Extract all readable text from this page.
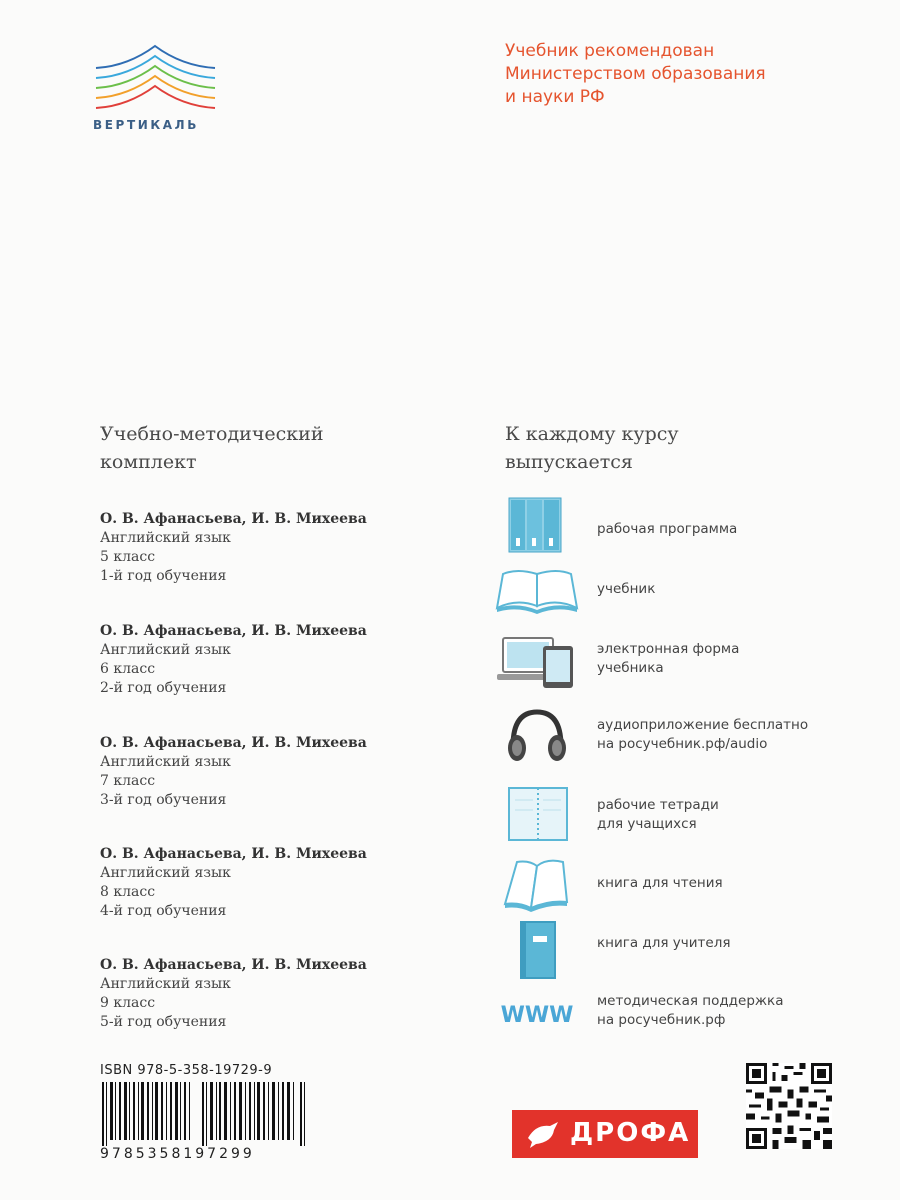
ВЕРТИКАЛЬ
Учебник рекомендован
Министерством образования
и науки РФ
Учебно-методический
комплект
О. В. Афанасьева, И. В. Михеева
Английский язык
5 класс
1-й год обучения
О. В. Афанасьева, И. В. Михеева
Английский язык
6 класс
2-й год обучения
О. В. Афанасьева, И. В. Михеева
Английский язык
7 класс
3-й год обучения
О. В. Афанасьева, И. В. Михеева
Английский язык
8 класс
4-й год обучения
О. В. Афанасьева, И. В. Михеева
Английский язык
9 класс
5-й год обучения
К каждому курсу
выпускается
рабочая программа
учебник
электронная форма
учебника
аудиоприложение бесплатно
на росучебник.рф/audio
рабочие тетради
для учащихся
книга для чтения
книга для учителя
WWW
методическая поддержка
на росучебник.рф
ISBN 978-5-358-19729-9
9785358197299
ДРОФА
